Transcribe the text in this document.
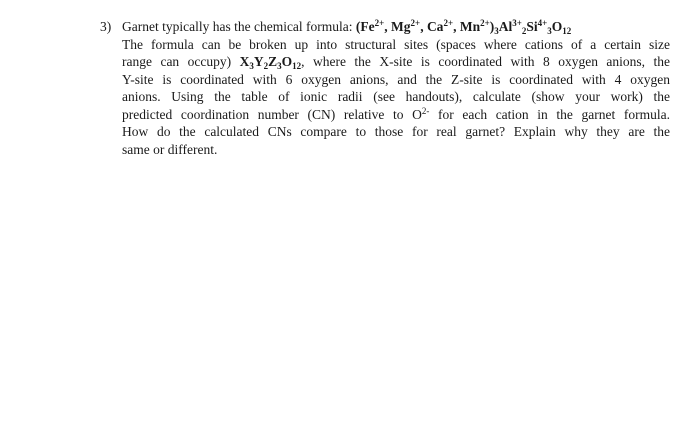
3) Garnet typically has the chemical formula: ($Fe^{2+}$, $Mg^{2+}$, $Ca^{2+}$, $Mn^{2+})_3Al^{3+}_2Si^{4+}_3O_{12}$
The formula can be broken up into structural sites (spaces where cations of a certain size
range can occupy) $X_3Y_2Z_3O_{12}$, where the X-site is coordinated with 8 oxygen anions, the
Y-site is coordinated with 6 oxygen anions, and the Z-site is coordinated with 4 oxygen
anions. Using the table of ionic radii (see handouts), calculate (show your work) the
predicted coordination number (CN) relative to $O^{2-}$ for each cation in the garnet formula.
How do the calculated CNs compare to those for real garnet? Explain why they are the
same or different.
